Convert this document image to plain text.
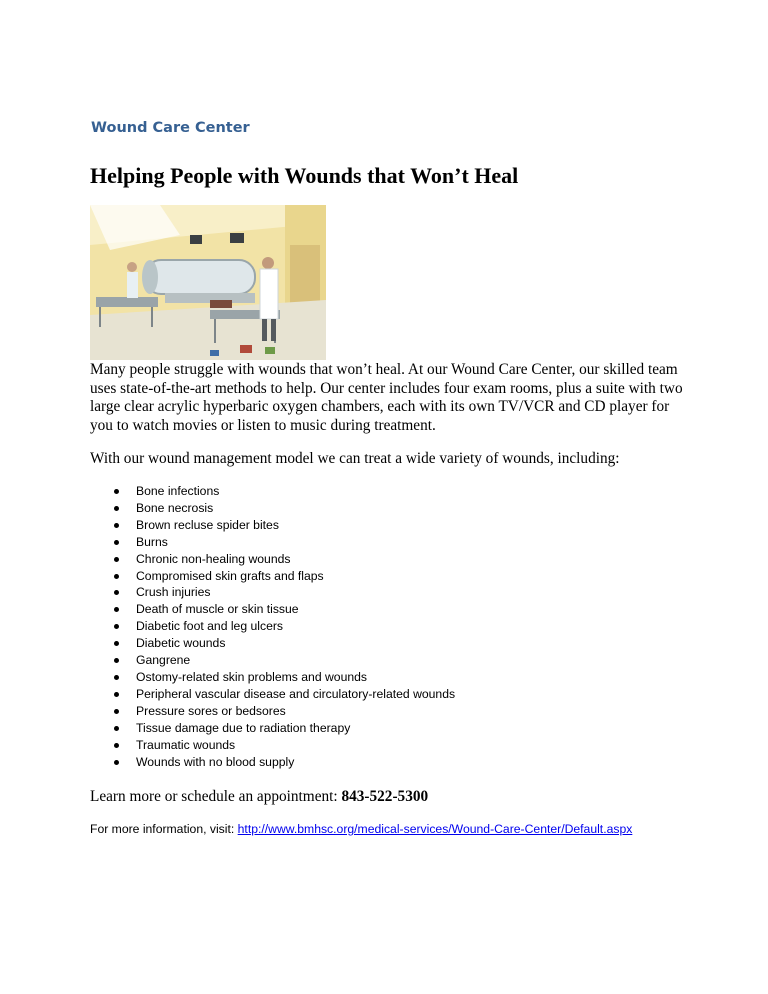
Wound Care Center
Helping People with Wounds that Won’t Heal
Many people struggle with wounds that won’t heal. At our Wound Care Center, our skilled team uses state-of-the-art methods to help. Our center includes four exam rooms, plus a suite with two large clear acrylic hyperbaric oxygen chambers, each with its own TV/VCR and CD player for you to watch movies or listen to music during treatment.
With our wound management model we can treat a wide variety of wounds, including:
Bone infections
Bone necrosis
Brown recluse spider bites
Burns
Chronic non-healing wounds
Compromised skin grafts and flaps
Crush injuries
Death of muscle or skin tissue
Diabetic foot and leg ulcers
Diabetic wounds
Gangrene
Ostomy-related skin problems and wounds
Peripheral vascular disease and circulatory-related wounds
Pressure sores or bedsores
Tissue damage due to radiation therapy
Traumatic wounds
Wounds with no blood supply
Learn more or schedule an appointment: 843-522-5300
For more information, visit: http://www.bmhsc.org/medical-services/Wound-Care-Center/Default.aspx
